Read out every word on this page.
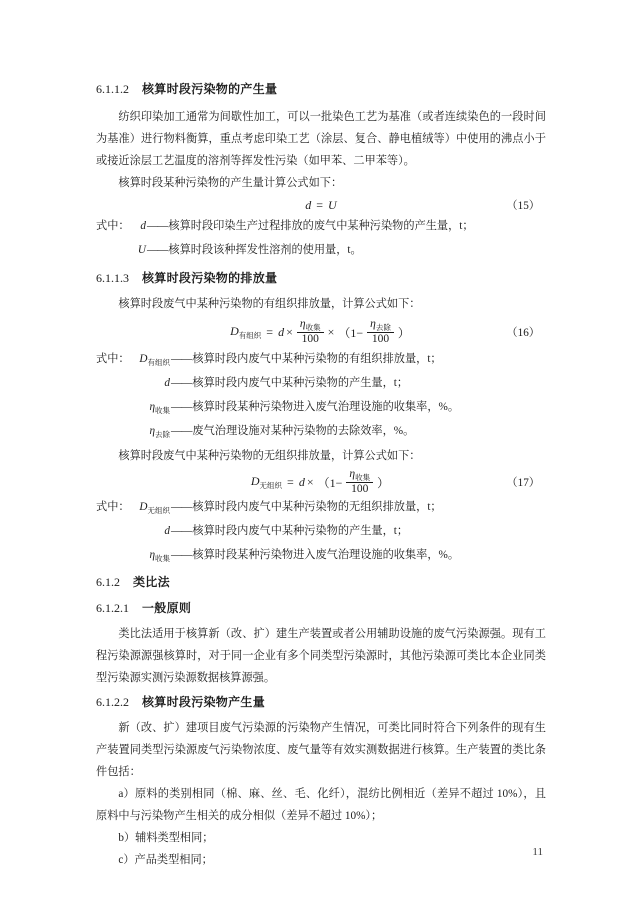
6.1.1.2 核算时段污染物的产生量

纺织印染加工通常为间歇性加工，可以一批染色工艺为基准（或者连续染色的一段时间为基准）进行物料衡算，重点考虑印染工艺（涂层、复合、静电植绒等）中使用的沸点小于或接近涂层工艺温度的溶剂等挥发性污染（如甲苯、二甲苯等）。

核算时段某种污染物的产生量计算公式如下：

d = U	（15）
式中： d —— 核算时段印染生产过程排放的废气中某种污染物的产生量，t；
U —— 核算时段该种挥发性溶剂的使用量，t。
6.1.1.3 核算时段污染物的排放量

核算时段废气中某种污染物的有组织排放量，计算公式如下：

$D_{有组织} = d \times \frac{\eta_{收集}}{100} \times (1- \frac{\eta_{去除}}{100}$ ）	（16）
式中： $D_{有组织}$ —— 核算时段内废气中某种污染物的有组织排放量，t；
d —— 核算时段内废气中某种污染物的产生量，t；
$\eta_{收集}$ —— 核算时段某种污染物进入废气治理设施的收集率，%。
$\eta_{去除}$ —— 废气治理设施对某种污染物的去除效率，%。

核算时段废气中某种污染物的无组织排放量，计算公式如下：

$D_{无组织} = d \times (1- \frac{\eta_{收集}}{100}$ ）	（17）
式中： $D_{无组织}$ —— 核算时段内废气中某种污染物的无组织排放量，t；
d —— 核算时段内废气中某种污染物的产生量，t；
$\eta_{收集}$ —— 核算时段某种污染物进入废气治理设施的收集率，%。
6.1.2 类比法
6.1.2.1 一般原则

类比法适用于核算新（改、扩）建生产装置或者公用辅助设施的废气污染源强。现有工程污染源源强核算时，对于同一企业有多个同类型污染源时，其他污染源可类比本企业同类型污染源实测污染源数据核算源强。

6.1.2.2 核算时段污染物产生量

新（改、扩）建项目废气污染源的污染物产生情况，可类比同时符合下列条件的现有生产装置同类型污染源废气污染物浓度、废气量等有效实测数据进行核算。生产装置的类比条件包括：

a）原料的类别相同（棉、麻、丝、毛、化纤），混纺比例相近（差异不超过 10%），且原料中与污染物产生相关的成分相似（差异不超过 10%）；

b）辅料类型相同；

c）产品类型相同；

11
